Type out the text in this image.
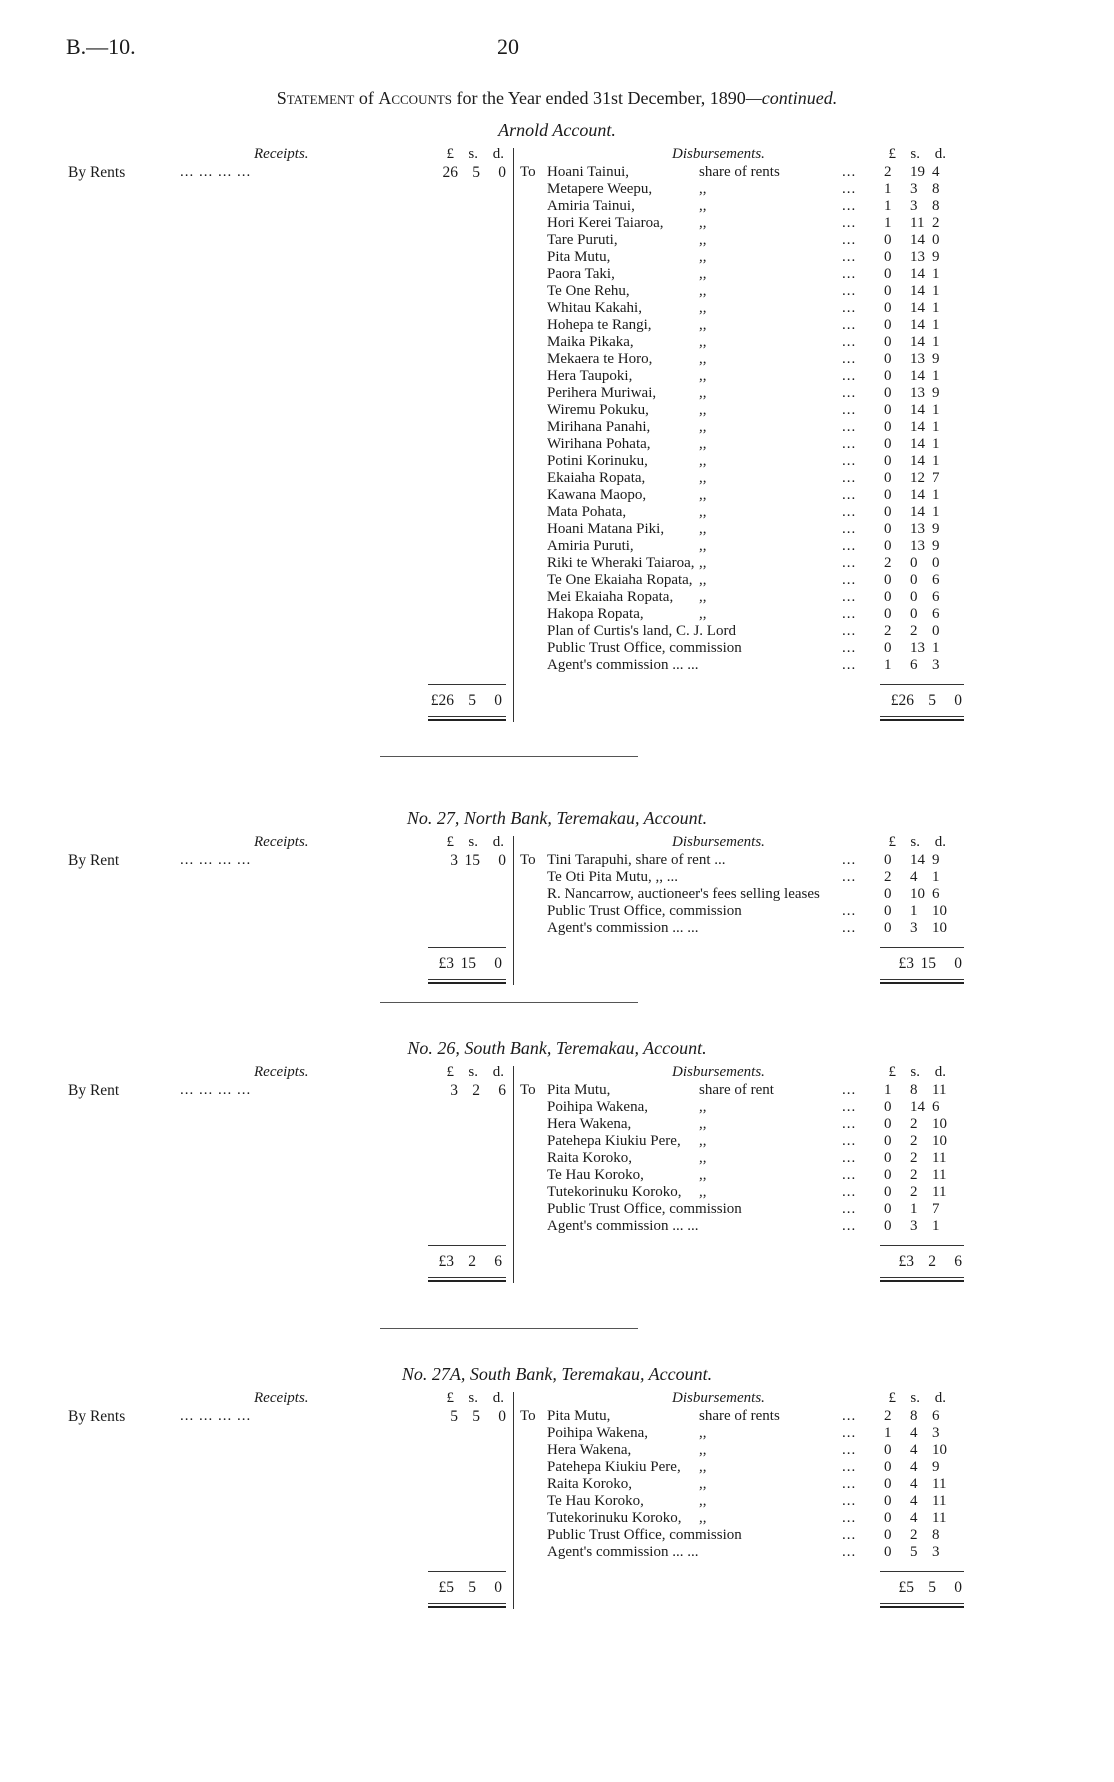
B.—10.	20
Statement of Accounts for the Year ended 31st December, 1890—continued.
Arnold Account.
Receipts.	£ s. d.	Disbursements.	£ s. d.
By Rents	... ... ... ...	26 5 0 To Hoani Tainui,	share of rents	... 2 19 4
Metapere Weepu,	,,	... 1 3 8
Amiria Tainui,	,,	... 1 3 8
Hori Kerei Taiaroa, ,,	... 1 11 2
Tare Puruti,	,,	... 0 14 0
Pita Mutu,	,,	... 0 13 9
Paora Taki,	,,	... 0 14 1
Te One Rehu,	,,	... 0 14 1
Whitau Kakahi,	,,	... 0 14 1
Hohepa te Rangi,	,,	... 0 14 1
Maika Pikaka,	,,	... 0 14 1
Mekaera te Horo,	,,	... 0 13 9
Hera Taupoki,	,,	... 0 14 1
Perihera Muriwai,	,,	... 0 13 9
Wiremu Pokuku,	,,	... 0 14 1
Mirihana Panahi,	,,	... 0 14 1
Wirihana Pohata,	,,	... 0 14 1
Potini Korinuku,	,,	... 0 14 1
Ekaiaha Ropata,	,,	... 0 12 7
Kawana Maopo,	,,	... 0 14 1
Mata Pohata,	,,	... 0 14 1
Hoani Matana Piki, ,,	... 0 13 9
Amiria Puruti,	,,	... 0 13 9
Riki te Wheraki Taiaroa, ,,	... 2 0 0
Te One Ekaiaha Ropata, ,,	... 0 0 6
Mei Ekaiaha Ropata, ,,	... 0 0 6
Hakopa Ropata,	,,	... 0 0 6
Plan of Curtis's land, C. J. Lord	... 2 2 0
Public Trust Office, commission	... 0 13 1
Agent's commission ... ...	... 1 6 3
£26 5 0	£26 5 0
No. 27, North Bank, Teremakau, Account.
Receipts.	£ s. d.	Disbursements.	£ s. d.
By Rent	... ... ... ...	3 15 0 To Tini Tarapuhi, share of rent ...	... 0 14 9
Te Oti Pita Mutu, ,, ...	... 2 4 1
R. Nancarrow, auctioneer's fees selling leases	0 10 6
Public Trust Office, commission	... 0 1 10
Agent's commission ... ...	... 0 3 10
£3 15 0	£3 15 0
No. 26, South Bank, Teremakau, Account.
Receipts.	£ s. d.	Disbursements.	£ s. d.
By Rent	... ... ... ...	3 2 6 To Pita Mutu,	share of rent	... 1 8 11
Poihipa Wakena,	,,	... 0 14 6
Hera Wakena,	,,	... 0 2 10
Patehepa Kiukiu Pere, ,,	... 0 2 10
Raita Koroko,	,,	... 0 2 11
Te Hau Koroko,	,,	... 0 2 11
Tutekorinuku Koroko, ,,	... 0 2 11
Public Trust Office, commission	... 0 1 7
Agent's commission ... ...	... 0 3 1
£3 2 6	£3 2 6
No. 27A, South Bank, Teremakau, Account.
Receipts.	£ s. d.	Disbursements.	£ s. d.
By Rents	... ... ... ...	5 5 0 To Pita Mutu,	share of rents	... 2 8 6
Poihipa Wakena,	,,	... 1 4 3
Hera Wakena,	,,	... 0 4 10
Patehepa Kiukiu Pere, ,,	... 0 4 9
Raita Koroko,	,,	... 0 4 11
Te Hau Koroko,	,,	... 0 4 11
Tutekorinuku Koroko, ,,	... 0 4 11
Public Trust Office, commission	... 0 2 8
Agent's commission ... ...	... 0 5 3
£5 5 0	£5 5 0
